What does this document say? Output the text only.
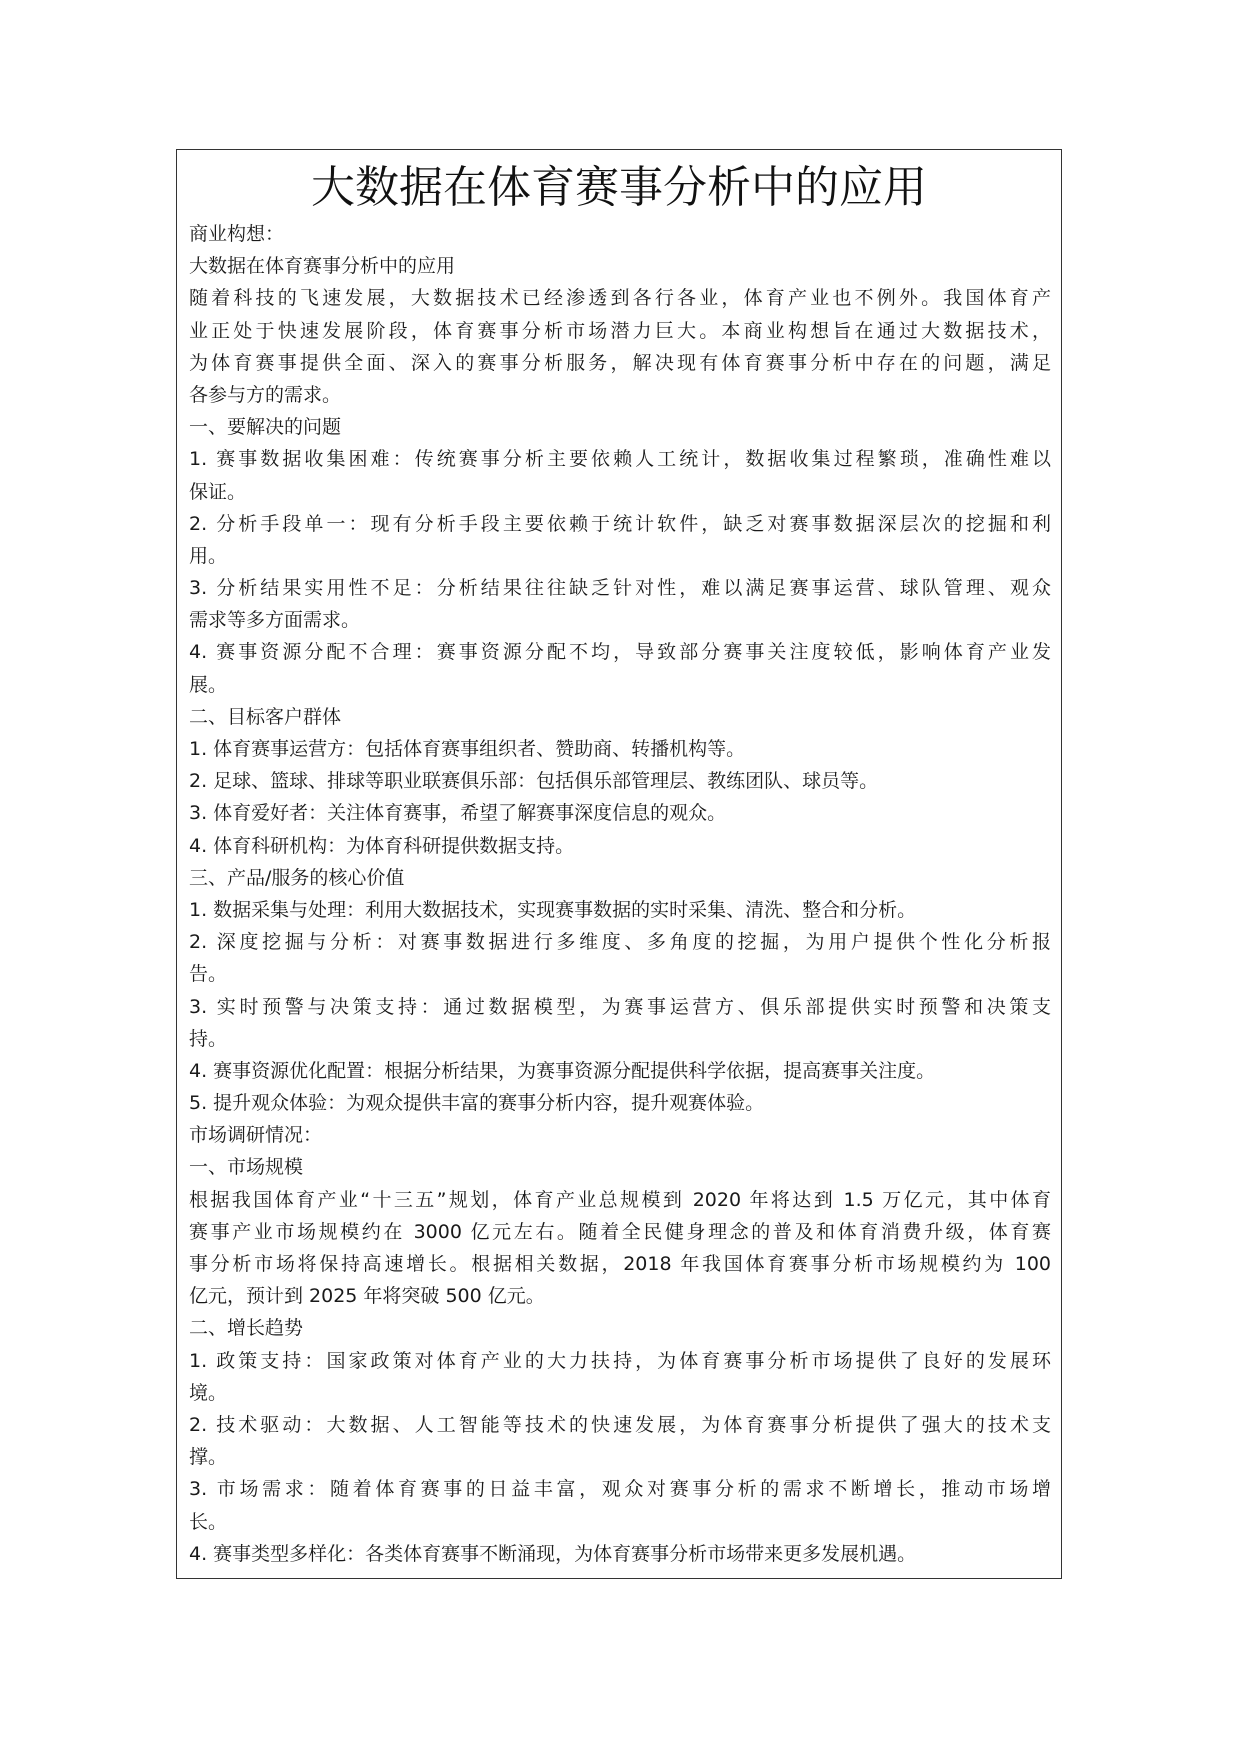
大数据在体育赛事分析中的应用
商业构想：
大数据在体育赛事分析中的应用
随着科技的飞速发展，大数据技术已经渗透到各行各业，体育产业也不例外。我国体育产
业正处于快速发展阶段，体育赛事分析市场潜力巨大。本商业构想旨在通过大数据技术，
为体育赛事提供全面、深入的赛事分析服务，解决现有体育赛事分析中存在的问题，满足
各参与方的需求。
一、要解决的问题
1. 赛事数据收集困难：传统赛事分析主要依赖人工统计，数据收集过程繁琐，准确性难以
保证。
2. 分析手段单一：现有分析手段主要依赖于统计软件，缺乏对赛事数据深层次的挖掘和利
用。
3. 分析结果实用性不足：分析结果往往缺乏针对性，难以满足赛事运营、球队管理、观众
需求等多方面需求。
4. 赛事资源分配不合理：赛事资源分配不均，导致部分赛事关注度较低，影响体育产业发
展。
二、目标客户群体
1. 体育赛事运营方：包括体育赛事组织者、赞助商、转播机构等。
2. 足球、篮球、排球等职业联赛俱乐部：包括俱乐部管理层、教练团队、球员等。
3. 体育爱好者：关注体育赛事，希望了解赛事深度信息的观众。
4. 体育科研机构：为体育科研提供数据支持。
三、产品/服务的核心价值
1. 数据采集与处理：利用大数据技术，实现赛事数据的实时采集、清洗、整合和分析。
2. 深度挖掘与分析：对赛事数据进行多维度、多角度的挖掘，为用户提供个性化分析报
告。
3. 实时预警与决策支持：通过数据模型，为赛事运营方、俱乐部提供实时预警和决策支
持。
4. 赛事资源优化配置：根据分析结果，为赛事资源分配提供科学依据，提高赛事关注度。
5. 提升观众体验：为观众提供丰富的赛事分析内容，提升观赛体验。
市场调研情况：
一、市场规模
根据我国体育产业“十三五”规划，体育产业总规模到 2020 年将达到 1.5 万亿元，其中体育
赛事产业市场规模约在 3000 亿元左右。随着全民健身理念的普及和体育消费升级，体育赛
事分析市场将保持高速增长。根据相关数据，2018 年我国体育赛事分析市场规模约为 100
亿元，预计到 2025 年将突破 500 亿元。
二、增长趋势
1. 政策支持：国家政策对体育产业的大力扶持，为体育赛事分析市场提供了良好的发展环
境。
2. 技术驱动：大数据、人工智能等技术的快速发展，为体育赛事分析提供了强大的技术支
撑。
3. 市场需求：随着体育赛事的日益丰富，观众对赛事分析的需求不断增长，推动市场增
长。
4. 赛事类型多样化：各类体育赛事不断涌现，为体育赛事分析市场带来更多发展机遇。
